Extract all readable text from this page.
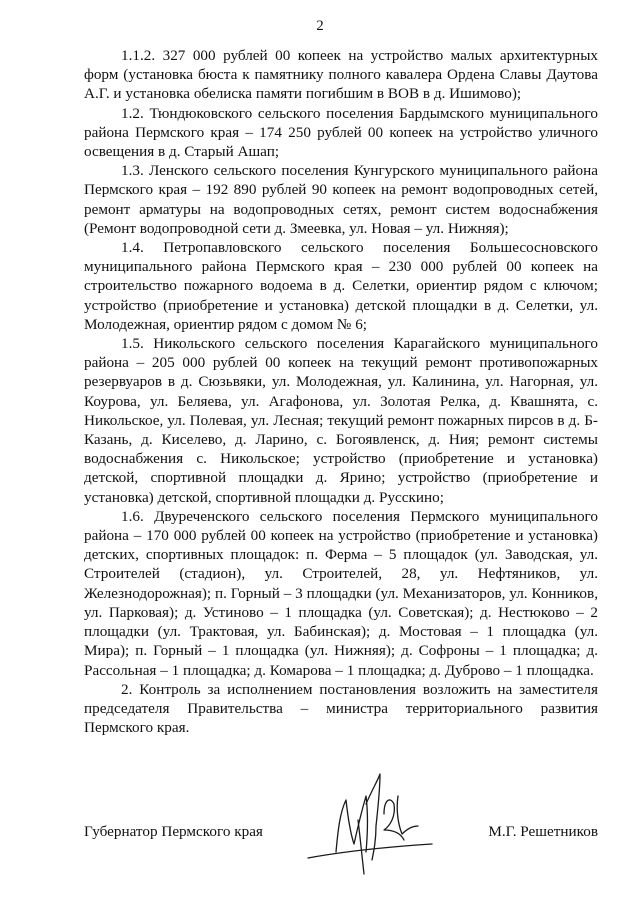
2

1.1.2. 327 000 рублей 00 копеек на устройство малых архитектурных форм (установка бюста к памятнику полного кавалера Ордена Славы Даутова А.Г. и установка обелиска памяти погибшим в ВОВ в д. Ишимово);

1.2. Тюндюковского сельского поселения Бардымского муниципального района Пермского края – 174 250 рублей 00 копеек на устройство уличного освещения в д. Старый Ашап;

1.3. Ленского сельского поселения Кунгурского муниципального района Пермского края – 192 890 рублей 90 копеек на ремонт водопроводных сетей, ремонт арматуры на водопроводных сетях, ремонт систем водоснабжения (Ремонт водопроводной сети д. Змеевка, ул. Новая – ул. Нижняя);

1.4. Петропавловского сельского поселения Большесосновского муниципального района Пермского края – 230 000 рублей 00 копеек на строительство пожарного водоема в д. Селетки, ориентир рядом с ключом; устройство (приобретение и установка) детской площадки в д. Селетки, ул. Молодежная, ориентир рядом с домом № 6;

1.5. Никольского сельского поселения Карагайского муниципального района – 205 000 рублей 00 копеек на текущий ремонт противопожарных резервуаров в д. Сюзьвяки, ул. Молодежная, ул. Калинина, ул. Нагорная, ул. Коурова, ул. Беляева, ул. Агафонова, ул. Золотая Релка, д. Квашнята, с. Никольское, ул. Полевая, ул. Лесная; текущий ремонт пожарных пирсов в д. Б-Казань, д. Киселево, д. Ларино, с. Богоявленск, д. Ния; ремонт системы водоснабжения с. Никольское; устройство (приобретение и установка) детской, спортивной площадки д. Ярино; устройство (приобретение и установка) детской, спортивной площадки д. Русскино;

1.6. Двуреченского сельского поселения Пермского муниципального района – 170 000 рублей 00 копеек на устройство (приобретение и установка) детских, спортивных площадок: п. Ферма – 5 площадок (ул. Заводская, ул. Строителей (стадион), ул. Строителей, 28, ул. Нефтяников, ул. Железнодорожная); п. Горный – 3 площадки (ул. Механизаторов, ул. Конников, ул. Парковая); д. Устиново – 1 площадка (ул. Советская); д. Нестюково – 2 площадки (ул. Трактовая, ул. Бабинская); д. Мостовая – 1 площадка (ул. Мира); п. Горный – 1 площадка (ул. Нижняя); д. Софроны – 1 площадка; д. Рассольная – 1 площадка; д. Комарова – 1 площадка; д. Дуброво – 1 площадка.

2. Контроль за исполнением постановления возложить на заместителя председателя Правительства – министра территориального развития Пермского края.

Губернатор Пермского края	М.Г. Решетников
